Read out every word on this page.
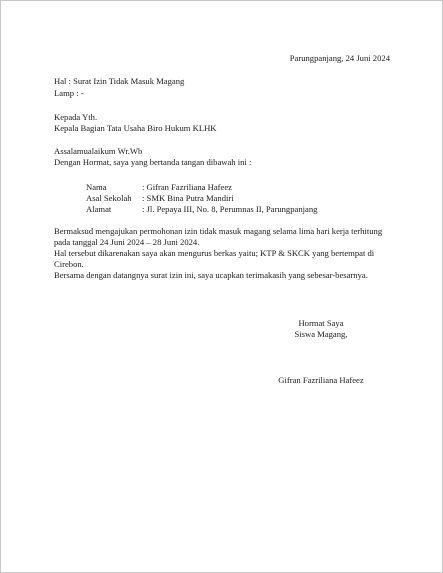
Parungpanjang, 24 Juni 2024
Hal : Surat Izin Tidak Masuk Magang
Lamp : -
Kepada Yth.
Kepala Bagian Tata Usaha Biro Hukum KLHK
Assalamualaikum Wr.Wb
Dengan Hormat, saya yang bertanda tangan dibawah ini :
Nama	: Gifran Fazriliana Hafeez
Asal Sekolah : SMK Bina Putra Mandiri
Alamat	: Jl. Pepaya III, No. 8, Perumnas II, Parungpanjang
Bermaksud mengajukan permohonan izin tidak masuk magang selama lima hari kerja terhitung
pada tanggal 24 Juni 2024 – 28 Juni 2024.
Hal tersebut dikarenakan saya akan mengurus berkas yaitu; KTP & SKCK yang bertempat di
Cirebon.
Bersama dengan datangnya surat izin ini, saya ucapkan terimakasih yang sebesar-besarnya.
Hormat Saya
Siswa Magang,
Gifran Fazriliana Hafeez
